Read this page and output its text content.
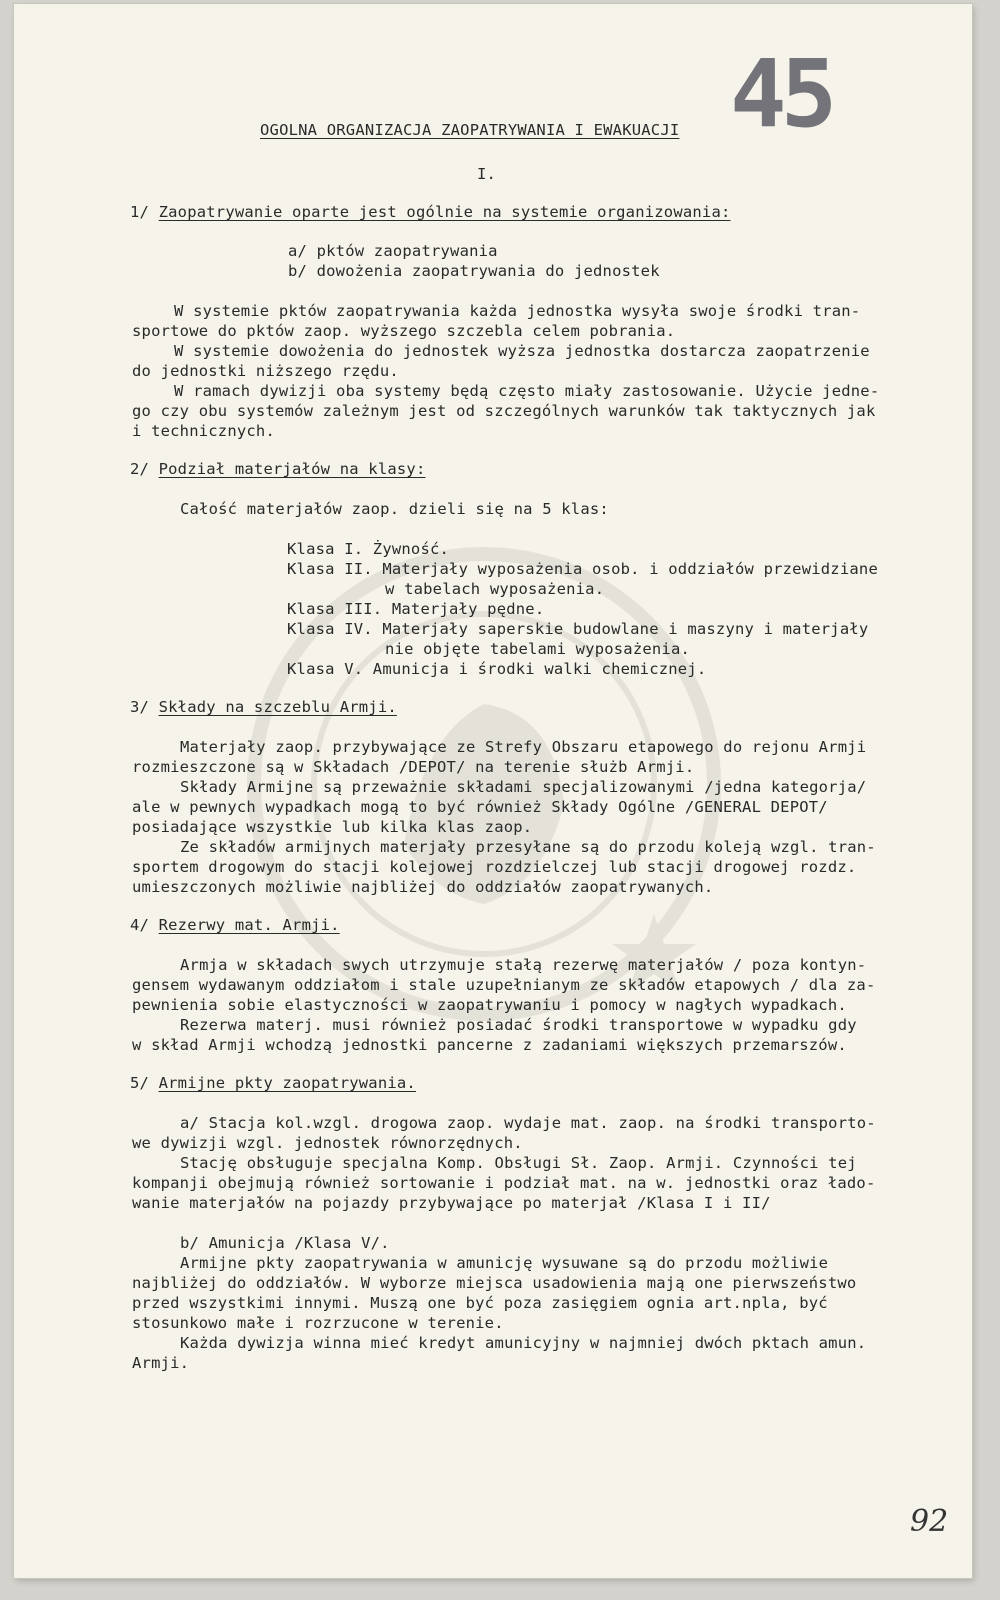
45
OGOLNA ORGANIZACJA ZAOPATRYWANIA I EWAKUACJI
I.
1/ Zaopatrywanie oparte jest ogólnie na systemie organizowania:
a/ pktów zaopatrywania
b/ dowożenia zaopatrywania do jednostek
W systemie pktów zaopatrywania każda jednostka wysyła swoje środki tran-
sportowe do pktów zaop. wyższego szczebla celem pobrania.
W systemie dowożenia do jednostek wyższa jednostka dostarcza zaopatrzenie
do jednostki niższego rzędu.
W ramach dywizji oba systemy będą często miały zastosowanie. Użycie jedne-
go czy obu systemów zależnym jest od szczególnych warunków tak taktycznych jak
i technicznych.
2/ Podział materjałów na klasy:
Całość materjałów zaop. dzieli się na 5 klas:
Klasa I. Żywność.
Klasa II. Materjały wyposażenia osob. i oddziałów przewidziane
w tabelach wyposażenia.
Klasa III. Materjały pędne.
Klasa IV. Materjały saperskie budowlane i maszyny i materjały
nie objęte tabelami wyposażenia.
Klasa V. Amunicja i środki walki chemicznej.
3/ Składy na szczeblu Armji.
Materjały zaop. przybywające ze Strefy Obszaru etapowego do rejonu Armji
rozmieszczone są w Składach /DEPOT/ na terenie służb Armji.
Składy Armijne są przeważnie składami specjalizowanymi /jedna kategorja/
ale w pewnych wypadkach mogą to być również Składy Ogólne /GENERAL DEPOT/
posiadające wszystkie lub kilka klas zaop.
Ze składów armijnych materjały przesyłane są do przodu koleją wzgl. tran-
sportem drogowym do stacji kolejowej rozdzielczej lub stacji drogowej rozdz.
umieszczonych możliwie najbliżej do oddziałów zaopatrywanych.
4/ Rezerwy mat. Armji.
Armja w składach swych utrzymuje stałą rezerwę materjałów / poza kontyn-
gensem wydawanym oddziałom i stale uzupełnianym ze składów etapowych / dla za-
pewnienia sobie elastyczności w zaopatrywaniu i pomocy w nagłych wypadkach.
Rezerwa materj. musi również posiadać środki transportowe w wypadku gdy
w skład Armji wchodzą jednostki pancerne z zadaniami większych przemarszów.
5/ Armijne pkty zaopatrywania.
a/ Stacja kol.wzgl. drogowa zaop. wydaje mat. zaop. na środki transporto-
we dywizji wzgl. jednostek równorzędnych.
Stację obsługuje specjalna Komp. Obsługi Sł. Zaop. Armji. Czynności tej
kompanji obejmują również sortowanie i podział mat. na w. jednostki oraz łado-
wanie materjałów na pojazdy przybywające po materjał /Klasa I i II/
b/ Amunicja /Klasa V/.
Armijne pkty zaopatrywania w amunicję wysuwane są do przodu możliwie
najbliżej do oddziałów. W wyborze miejsca usadowienia mają one pierwszeństwo
przed wszystkimi innymi. Muszą one być poza zasięgiem ognia art.npla, być
stosunkowo małe i rozrzucone w terenie.
Każda dywizja winna mieć kredyt amunicyjny w najmniej dwóch pktach amun.
Armji.
92
